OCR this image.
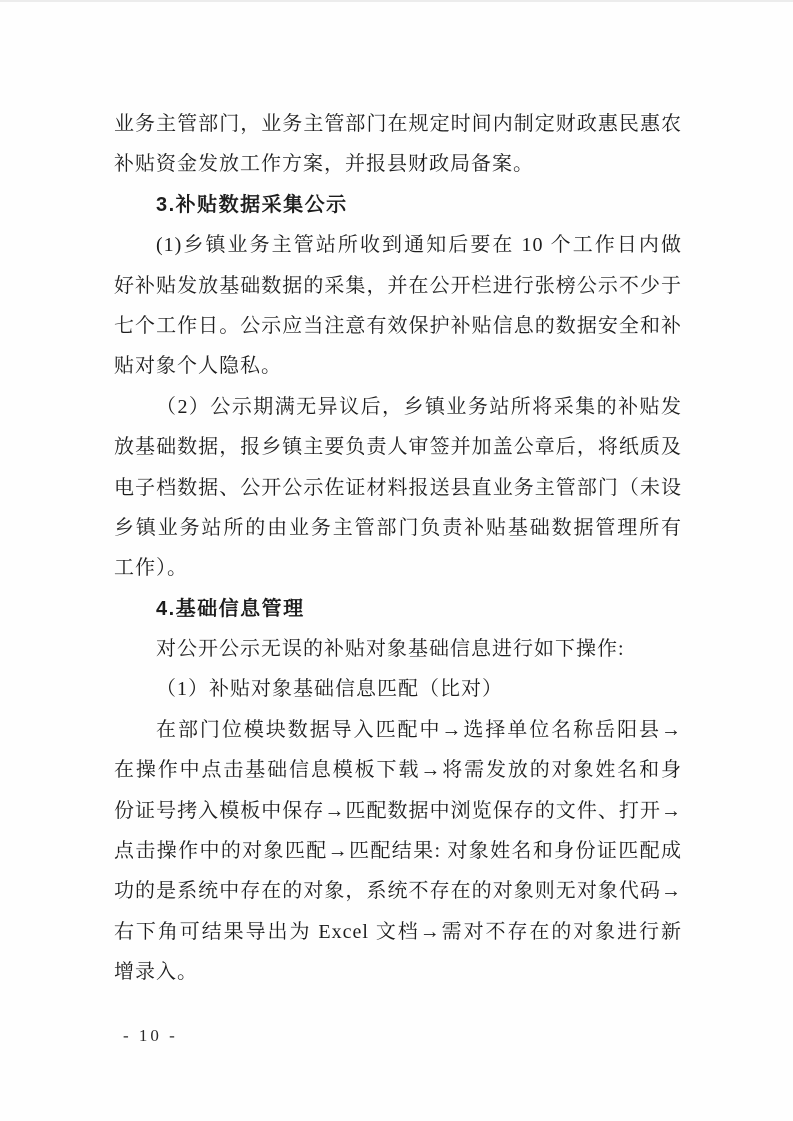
业务主管部门，业务主管部门在规定时间内制定财政惠民惠农

补贴资金发放工作方案，并报县财政局备案。

3.补贴数据采集公示

(1)乡镇业务主管站所收到通知后要在 10 个工作日内做

好补贴发放基础数据的采集，并在公开栏进行张榜公示不少于

七个工作日。公示应当注意有效保护补贴信息的数据安全和补

贴对象个人隐私。

（2）公示期满无异议后，乡镇业务站所将采集的补贴发

放基础数据，报乡镇主要负责人审签并加盖公章后，将纸质及

电子档数据、公开公示佐证材料报送县直业务主管部门（未设

乡镇业务站所的由业务主管部门负责补贴基础数据管理所有

工作）。

4.基础信息管理

对公开公示无误的补贴对象基础信息进行如下操作:

（1）补贴对象基础信息匹配（比对）

在部门位模块数据导入匹配中→选择单位名称岳阳县→

在操作中点击基础信息模板下载→将需发放的对象姓名和身

份证号拷入模板中保存→匹配数据中浏览保存的文件、打开→

点击操作中的对象匹配→匹配结果: 对象姓名和身份证匹配成

功的是系统中存在的对象，系统不存在的对象则无对象代码→

右下角可结果导出为 Excel 文档→需对不存在的对象进行新

增录入。

- 10 -
